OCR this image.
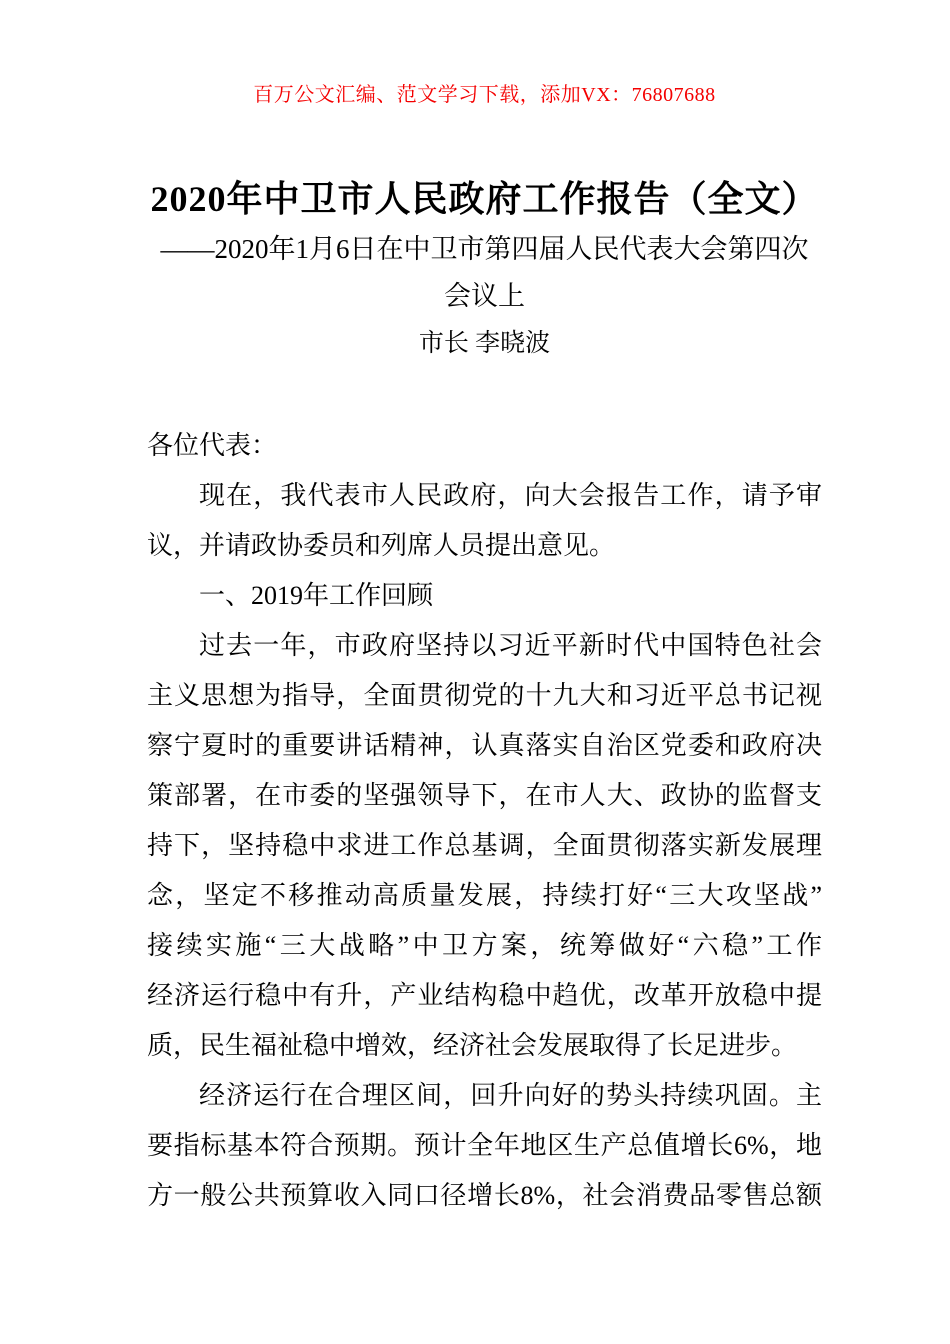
百万公文汇编、范文学习下载，添加VX：76807688
2020年中卫市人民政府工作报告（全文）
——2020年1月6日在中卫市第四届人民代表大会第四次
会议上
市长 李晓波
各位代表：
现在，我代表市人民政府，向大会报告工作，请予审
议，并请政协委员和列席人员提出意见。
一、2019年工作回顾
过去一年，市政府坚持以习近平新时代中国特色社会
主义思想为指导，全面贯彻党的十九大和习近平总书记视
察宁夏时的重要讲话精神，认真落实自治区党委和政府决
策部署，在市委的坚强领导下，在市人大、政协的监督支
持下，坚持稳中求进工作总基调，全面贯彻落实新发展理
念，坚定不移推动高质量发展，持续打好“三大攻坚战”
接续实施“三大战略”中卫方案，统筹做好“六稳”工作
经济运行稳中有升，产业结构稳中趋优，改革开放稳中提
质，民生福祉稳中增效，经济社会发展取得了长足进步。
经济运行在合理区间，回升向好的势头持续巩固。主
要指标基本符合预期。预计全年地区生产总值增长6%，地
方一般公共预算收入同口径增长8%，社会消费品零售总额
